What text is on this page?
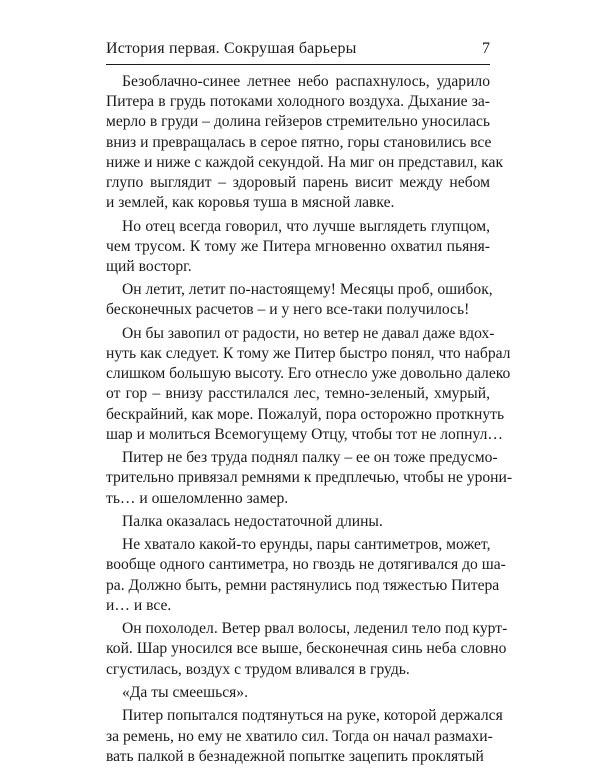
История первая. Сокрушая барьеры	7
Безоблачно-синее летнее небо распахнулось, ударило
Питера в грудь потоками холодного воздуха. Дыхание за-
мерло в груди – долина гейзеров стремительно уносилась
вниз и превращалась в серое пятно, горы становились все
ниже и ниже с каждой секундой. На миг он представил, как
глупо выглядит – здоровый парень висит между небом
и землей, как коровья туша в мясной лавке.
Но отец всегда говорил, что лучше выглядеть глупцом,
чем трусом. К тому же Питера мгновенно охватил пьяня-
щий восторг.
Он летит, летит по-настоящему! Месяцы проб, ошибок,
бесконечных расчетов – и у него все-таки получилось!
Он бы завопил от радости, но ветер не давал даже вдох-
нуть как следует. К тому же Питер быстро понял, что набрал
слишком большую высоту. Его отнесло уже довольно далеко
от гор – внизу расстилался лес, темно-зеленый, хмурый,
бескрайний, как море. Пожалуй, пора осторожно проткнуть
шар и молиться Всемогущему Отцу, чтобы тот не лопнул…
Питер не без труда поднял палку – ее он тоже предусмо-
трительно привязал ремнями к предплечью, чтобы не урони-
ть… и ошеломленно замер.
Палка оказалась недостаточной длины.
Не хватало какой-то ерунды, пары сантиметров, может,
вообще одного сантиметра, но гвоздь не дотягивался до ша-
ра. Должно быть, ремни растянулись под тяжестью Питера
и… и все.
Он похолодел. Ветер рвал волосы, леденил тело под курт-
кой. Шар уносился все выше, бесконечная синь неба словно
сгустилась, воздух с трудом вливался в грудь.
«Да ты смеешься».
Питер попытался подтянуться на руке, которой держался
за ремень, но ему не хватило сил. Тогда он начал размахи-
вать палкой в безнадежной попытке зацепить проклятый
